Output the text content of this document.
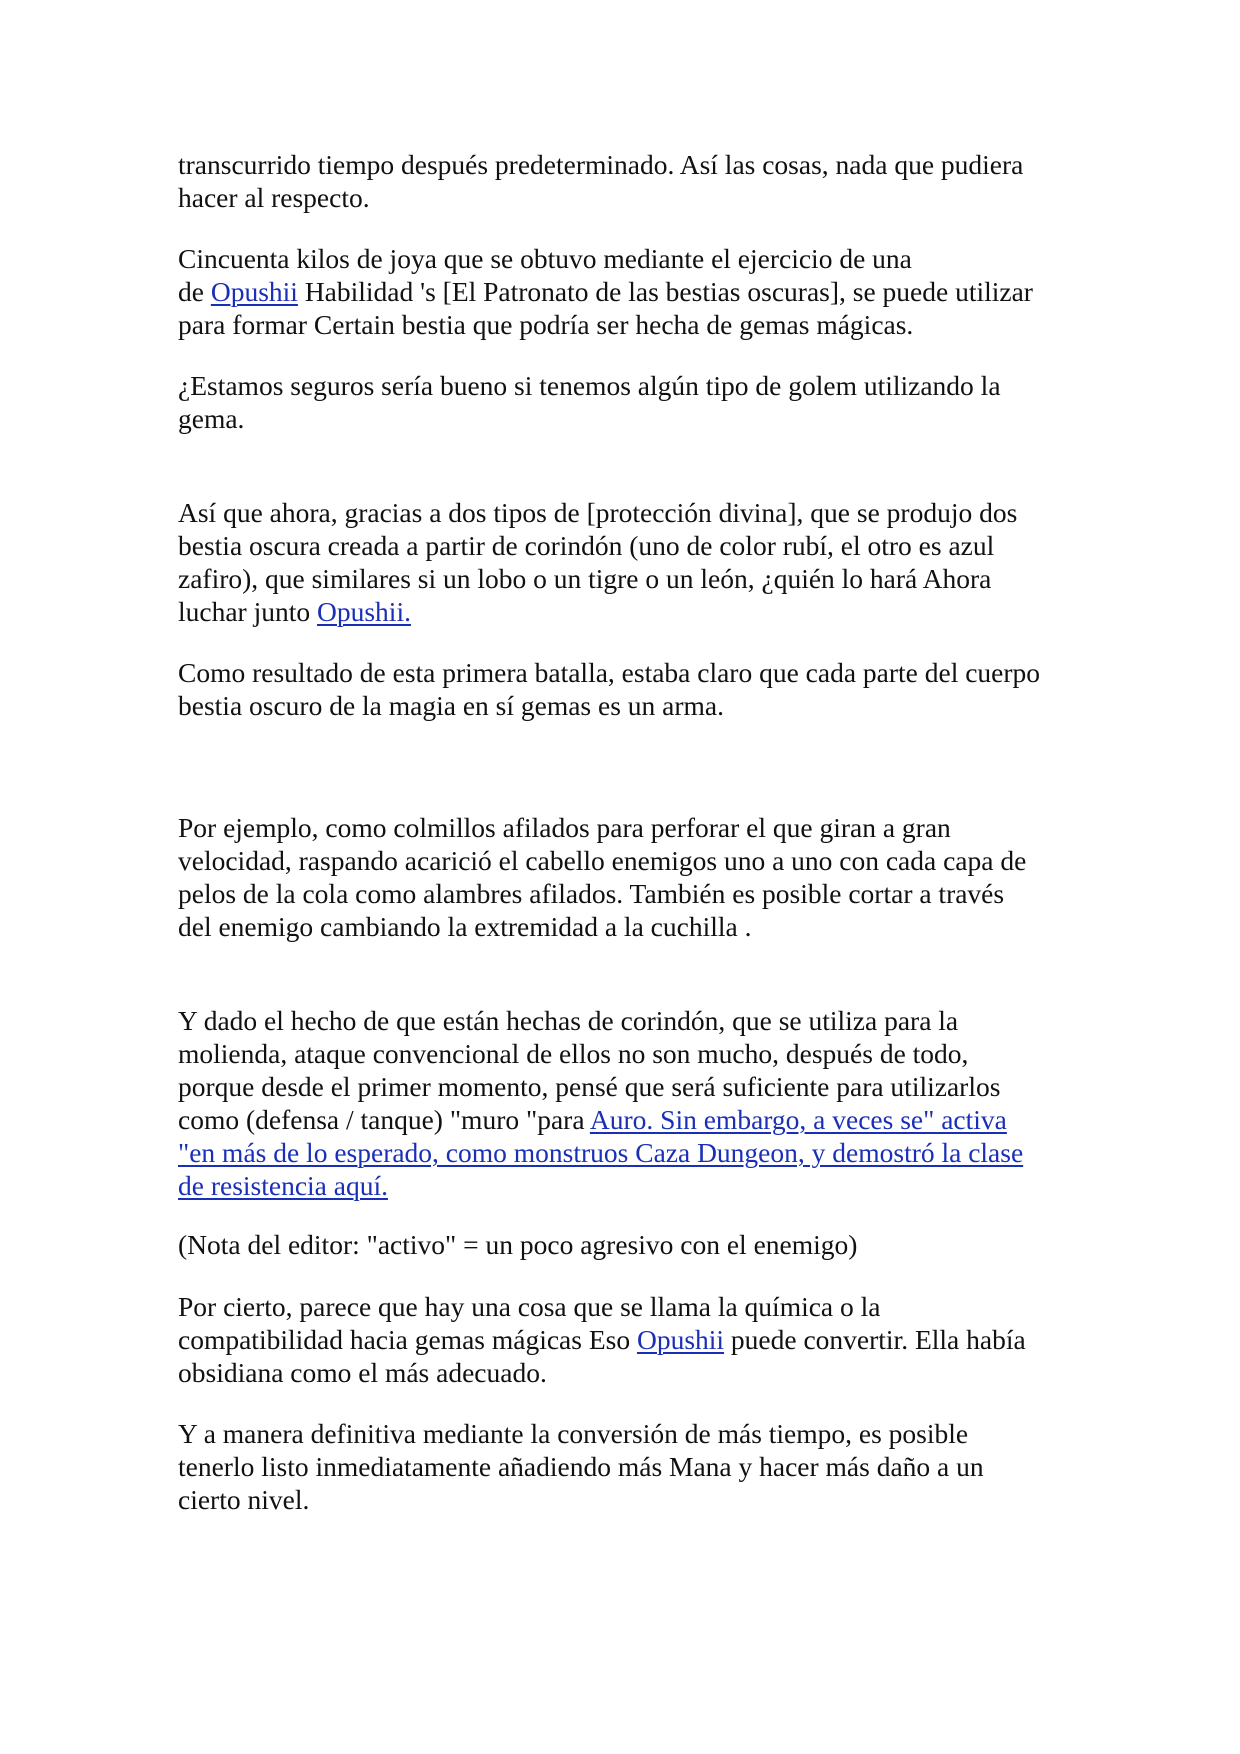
transcurrido tiempo después predeterminado. Así las cosas, nada que pudiera
hacer al respecto.

Cincuenta kilos de joya que se obtuvo mediante el ejercicio de una
de Opushii Habilidad 's [El Patronato de las bestias oscuras], se puede utilizar
para formar Certain bestia que podría ser hecha de gemas mágicas.

¿Estamos seguros sería bueno si tenemos algún tipo de golem utilizando la
gema.

Así que ahora, gracias a dos tipos de [protección divina], que se produjo dos
bestia oscura creada a partir de corindón (uno de color rubí, el otro es azul
zafiro), que similares si un lobo o un tigre o un león, ¿quién lo hará Ahora
luchar junto Opushii.

Como resultado de esta primera batalla, estaba claro que cada parte del cuerpo
bestia oscuro de la magia en sí gemas es un arma.

Por ejemplo, como colmillos afilados para perforar el que giran a gran
velocidad, raspando acarició el cabello enemigos uno a uno con cada capa de
pelos de la cola como alambres afilados. También es posible cortar a través
del enemigo cambiando la extremidad a la cuchilla .

Y dado el hecho de que están hechas de corindón, que se utiliza para la
molienda, ataque convencional de ellos no son mucho, después de todo,
porque desde el primer momento, pensé que será suficiente para utilizarlos
como (defensa / tanque) "muro "para Auro. Sin embargo, a veces se" activa
"en más de lo esperado, como monstruos Caza Dungeon, y demostró la clase
de resistencia aquí.

(Nota del editor: "activo" = un poco agresivo con el enemigo)

Por cierto, parece que hay una cosa que se llama la química o la
compatibilidad hacia gemas mágicas Eso Opushii puede convertir. Ella había
obsidiana como el más adecuado.

Y a manera definitiva mediante la conversión de más tiempo, es posible
tenerlo listo inmediatamente añadiendo más Mana y hacer más daño a un
cierto nivel.
